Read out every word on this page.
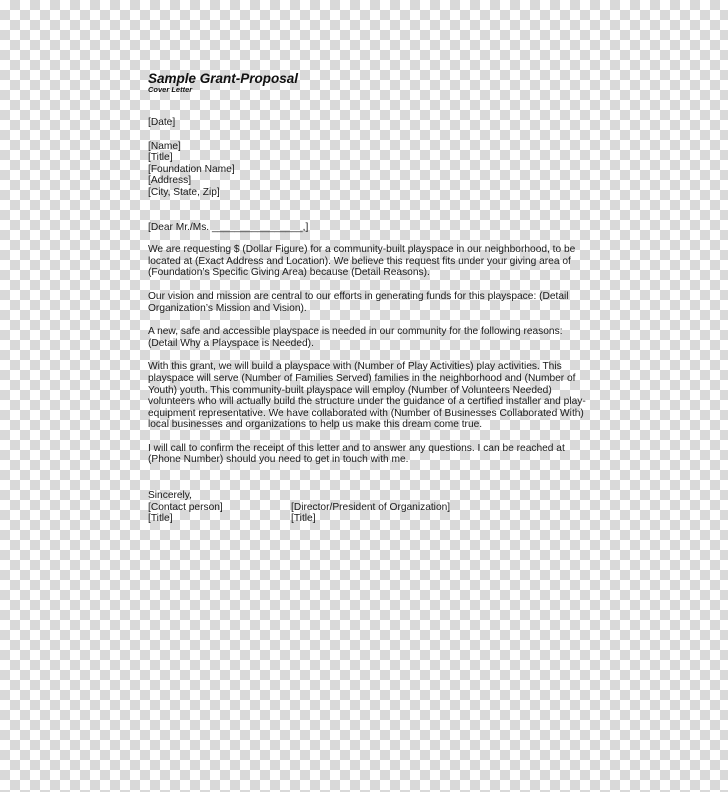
Sample Grant-Proposal

Cover Letter

[Date]

[Name]
[Title]
[Foundation Name]
[Address]
[City, State, Zip]

[Dear Mr./Ms. ________________,]

We are requesting $ (Dollar Figure) for a community-built playspace in our neighborhood, to be
located at (Exact Address and Location). We believe this request fits under your giving area of
(Foundation’s Specific Giving Area) because (Detail Reasons).
Our vision and mission are central to our efforts in generating funds for this playspace: (Detail
Organization’s Mission and Vision).
A new, safe and accessible playspace is needed in our community for the following reasons:
(Detail Why a Playspace is Needed).
With this grant, we will build a playspace with (Number of Play Activities) play activities. This
playspace will serve (Number of Families Served) families in the neighborhood and (Number of
Youth) youth. This community-built playspace will employ (Number of Volunteers Needed)
volunteers who will actually build the structure under the guidance of a certified installer and play-
equipment representative. We have collaborated with (Number of Businesses Collaborated With)
local businesses and organizations to help us make this dream come true.
I will call to confirm the receipt of this letter and to answer any questions. I can be reached at
(Phone Number) should you need to get in touch with me.
Sincerely,
[Contact person]	[Director/President of Organization]
[Title]	[Title]
